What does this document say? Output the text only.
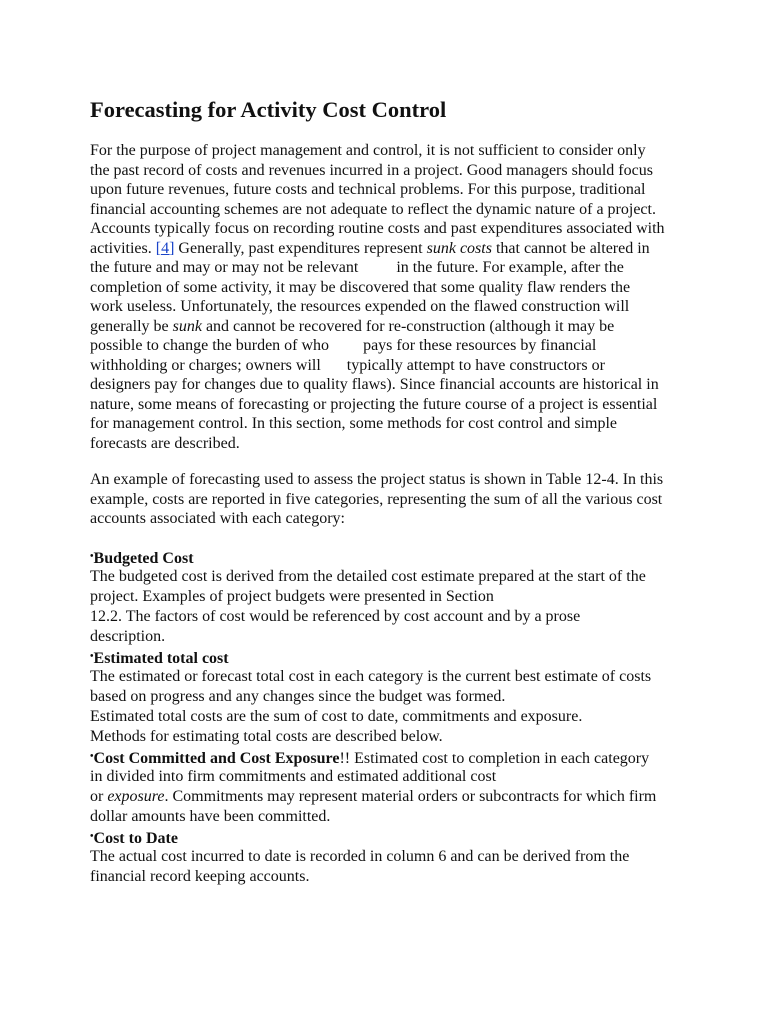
Forecasting for Activity Cost Control

For the purpose of project management and control, it is not sufficient to consider only
the past record of costs and revenues incurred in a project. Good managers should focus
upon future revenues, future costs and technical problems. For this purpose, traditional
financial accounting schemes are not adequate to reflect the dynamic nature of a project.
Accounts typically focus on recording routine costs and past expenditures associated with
activities. [4] Generally, past expenditures represent sunk costs that cannot be altered in
the future and may or may not be relevant in the future. For example, after the
completion of some activity, it may be discovered that some quality flaw renders the
work useless. Unfortunately, the resources expended on the flawed construction will
generally be sunk and cannot be recovered for re-construction (although it may be
possible to change the burden of who pays for these resources by financial
withholding or charges; owners will typically attempt to have constructors or
designers pay for changes due to quality flaws). Since financial accounts are historical in
nature, some means of forecasting or projecting the future course of a project is essential
for management control. In this section, some methods for cost control and simple
forecasts are described.

An example of forecasting used to assess the project status is shown in Table 12-4. In this
example, costs are reported in five categories, representing the sum of all the various cost
accounts associated with each category:

•Budgeted Cost
The budgeted cost is derived from the detailed cost estimate prepared at the start of the
project. Examples of project budgets were presented in Section
12.2. The factors of cost would be referenced by cost account and by a prose
description.
•Estimated total cost
The estimated or forecast total cost in each category is the current best estimate of costs
based on progress and any changes since the budget was formed.
Estimated total costs are the sum of cost to date, commitments and exposure.
Methods for estimating total costs are described below.
•Cost Committed and Cost Exposure!! Estimated cost to completion in each category
in divided into firm commitments and estimated additional cost
or exposure. Commitments may represent material orders or subcontracts for which firm
dollar amounts have been committed.
•Cost to Date
The actual cost incurred to date is recorded in column 6 and can be derived from the
financial record keeping accounts.
